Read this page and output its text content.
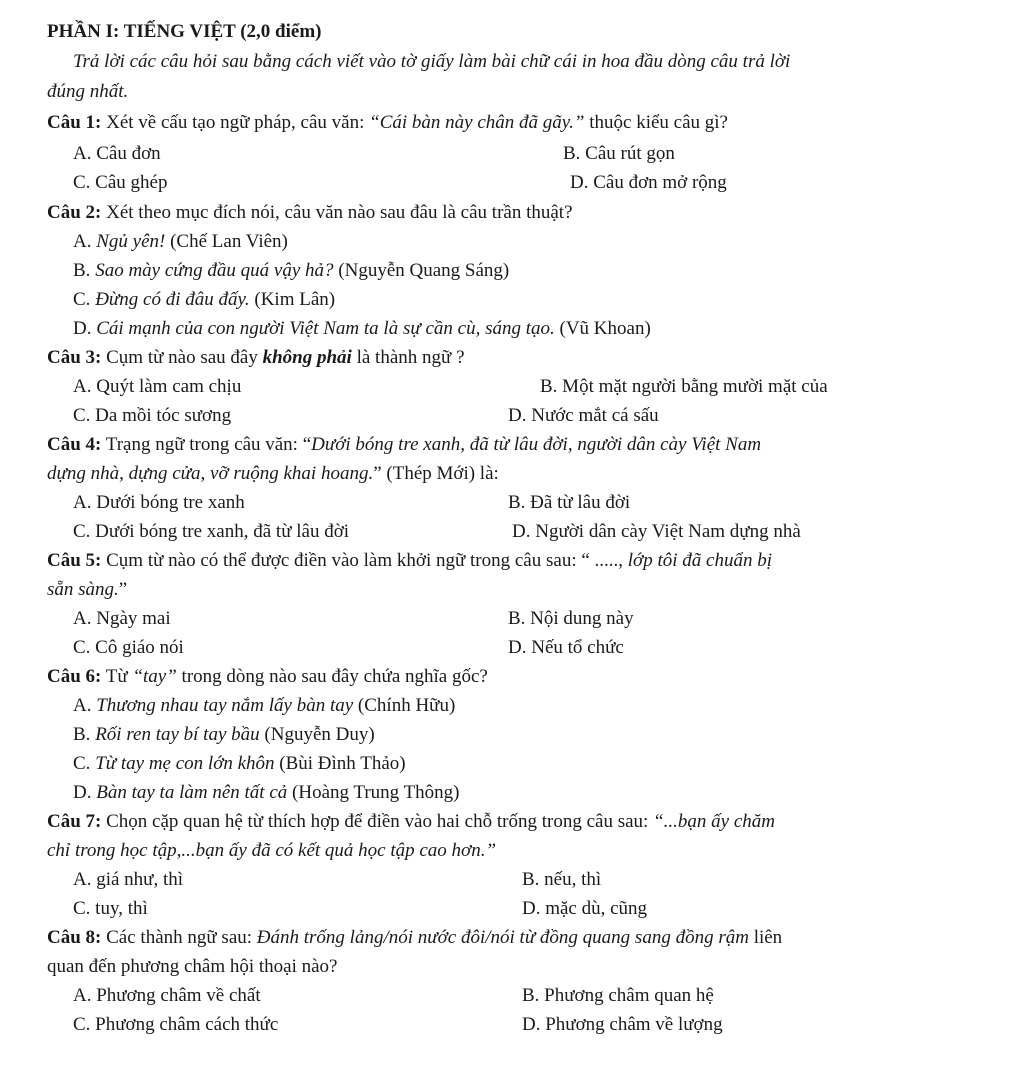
PHẦN I: TIẾNG VIỆT (2,0 điểm)
Trả lời các câu hỏi sau bằng cách viết vào tờ giấy làm bài chữ cái in hoa đầu dòng câu trả lời
đúng nhất.
Câu 1: Xét về cấu tạo ngữ pháp, câu văn: “Cái bàn này chân đã gãy.” thuộc kiểu câu gì?
A. Câu đơn	B. Câu rút gọn
C. Câu ghép	D. Câu đơn mở rộng
Câu 2: Xét theo mục đích nói, câu văn nào sau đâu là câu trần thuật?
A. Ngủ yên! (Chế Lan Viên)
B. Sao mày cứng đầu quá vậy hả? (Nguyễn Quang Sáng)
C. Đừng có đi đâu đấy. (Kim Lân)
D. Cái mạnh của con người Việt Nam ta là sự cần cù, sáng tạo. (Vũ Khoan)
Câu 3: Cụm từ nào sau đây không phải là thành ngữ ?
A. Quýt làm cam chịu	B. Một mặt người bằng mười mặt của
C. Da mồi tóc sương	D. Nước mắt cá sấu
Câu 4: Trạng ngữ trong câu văn: “Dưới bóng tre xanh, đã từ lâu đời, người dân cày Việt Nam
dựng nhà, dựng cửa, vỡ ruộng khai hoang.” (Thép Mới) là:
A. Dưới bóng tre xanh	B. Đã từ lâu đời
C. Dưới bóng tre xanh, đã từ lâu đời	D. Người dân cày Việt Nam dựng nhà
Câu 5: Cụm từ nào có thể được điền vào làm khởi ngữ trong câu sau: “ ....., lớp tôi đã chuẩn bị
sẵn sàng.”
A. Ngày mai	B. Nội dung này
C. Cô giáo nói	D. Nếu tổ chức
Câu 6: Từ “tay” trong dòng nào sau đây chứa nghĩa gốc?
A. Thương nhau tay nắm lấy bàn tay (Chính Hữu)
B. Rối ren tay bí tay bầu (Nguyễn Duy)
C. Từ tay mẹ con lớn khôn (Bùi Đình Thảo)
D. Bàn tay ta làm nên tất cả (Hoàng Trung Thông)
Câu 7: Chọn cặp quan hệ từ thích hợp để điền vào hai chỗ trống trong câu sau: “...bạn ấy chăm
chỉ trong học tập,...bạn ấy đã có kết quả học tập cao hơn.”
A. giá như, thì	B. nếu, thì
C. tuy, thì	D. mặc dù, cũng
Câu 8: Các thành ngữ sau: Đánh trống lảng/nói nước đôi/nói từ đồng quang sang đồng rậm liên
quan đến phương châm hội thoại nào?
A. Phương châm về chất	B. Phương châm quan hệ
C. Phương châm cách thức	D. Phương châm về lượng
